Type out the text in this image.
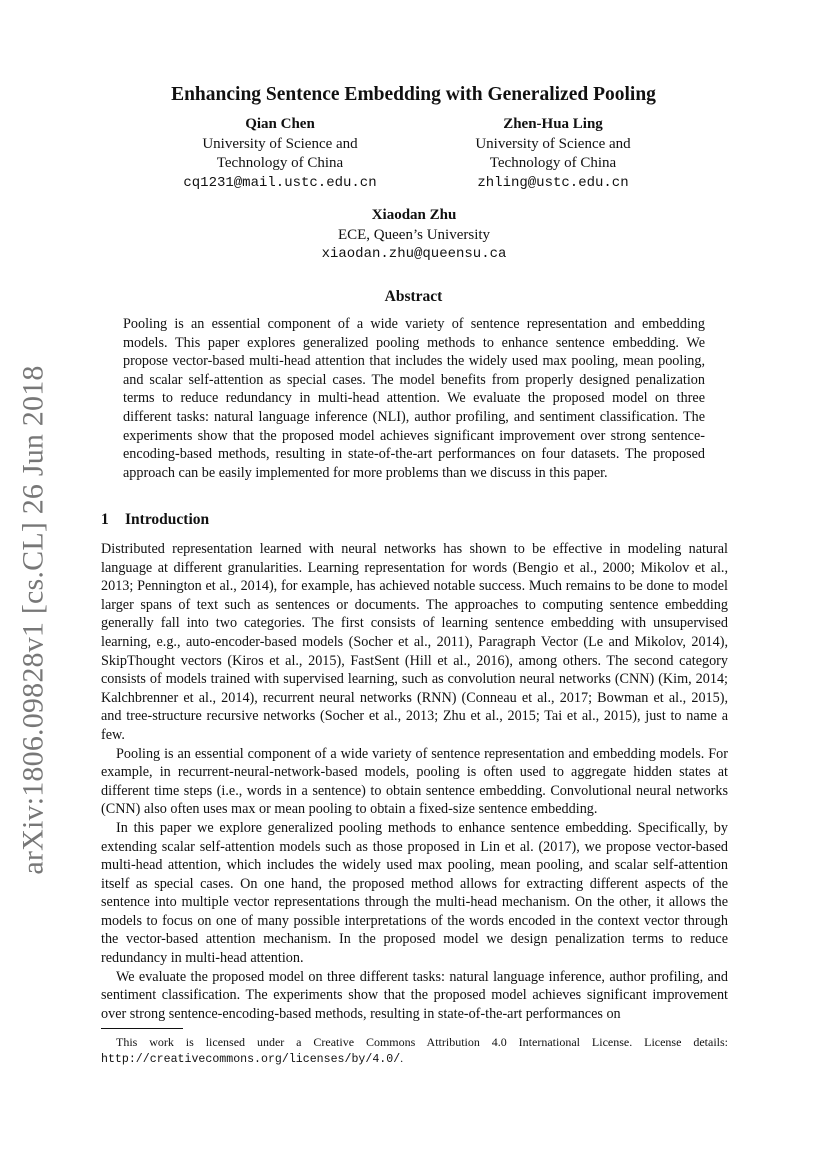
arXiv:1806.09828v1 [cs.CL] 26 Jun 2018
Enhancing Sentence Embedding with Generalized Pooling
Qian Chen
University of Science and
Technology of China
cq1231@mail.ustc.edu.cn
Zhen-Hua Ling
University of Science and
Technology of China
zhling@ustc.edu.cn
Xiaodan Zhu
ECE, Queen’s University
xiaodan.zhu@queensu.ca
Abstract
Pooling is an essential component of a wide variety of sentence representation and embedding models. This paper explores generalized pooling methods to enhance sentence embedding. We propose vector-based multi-head attention that includes the widely used max pooling, mean pooling, and scalar self-attention as special cases. The model benefits from properly designed penalization terms to reduce redundancy in multi-head attention. We evaluate the proposed model on three different tasks: natural language inference (NLI), author profiling, and sentiment classification. The experiments show that the proposed model achieves significant improvement over strong sentence-encoding-based methods, resulting in state-of-the-art performances on four datasets. The proposed approach can be easily implemented for more problems than we discuss in this paper.
1 Introduction

Distributed representation learned with neural networks has shown to be effective in modeling natural language at different granularities. Learning representation for words (Bengio et al., 2000; Mikolov et al., 2013; Pennington et al., 2014), for example, has achieved notable success. Much remains to be done to model larger spans of text such as sentences or documents. The approaches to computing sentence embedding generally fall into two categories. The first consists of learning sentence embedding with unsupervised learning, e.g., auto-encoder-based models (Socher et al., 2011), Paragraph Vector (Le and Mikolov, 2014), SkipThought vectors (Kiros et al., 2015), FastSent (Hill et al., 2016), among others. The second category consists of models trained with supervised learning, such as convolution neural networks (CNN) (Kim, 2014; Kalchbrenner et al., 2014), recurrent neural networks (RNN) (Conneau et al., 2017; Bowman et al., 2015), and tree-structure recursive networks (Socher et al., 2013; Zhu et al., 2015; Tai et al., 2015), just to name a few.

Pooling is an essential component of a wide variety of sentence representation and embedding models. For example, in recurrent-neural-network-based models, pooling is often used to aggregate hidden states at different time steps (i.e., words in a sentence) to obtain sentence embedding. Convolutional neural networks (CNN) also often uses max or mean pooling to obtain a fixed-size sentence embedding.

In this paper we explore generalized pooling methods to enhance sentence embedding. Specifically, by extending scalar self-attention models such as those proposed in Lin et al. (2017), we propose vector-based multi-head attention, which includes the widely used max pooling, mean pooling, and scalar self-attention itself as special cases. On one hand, the proposed method allows for extracting different aspects of the sentence into multiple vector representations through the multi-head mechanism. On the other, it allows the models to focus on one of many possible interpretations of the words encoded in the context vector through the vector-based attention mechanism. In the proposed model we design penalization terms to reduce redundancy in multi-head attention.

We evaluate the proposed model on three different tasks: natural language inference, author profiling, and sentiment classification. The experiments show that the proposed model achieves significant improvement over strong sentence-encoding-based methods, resulting in state-of-the-art performances on

This work is licensed under a Creative Commons Attribution 4.0 International License. License details: http://creativecommons.org/licenses/by/4.0/.
